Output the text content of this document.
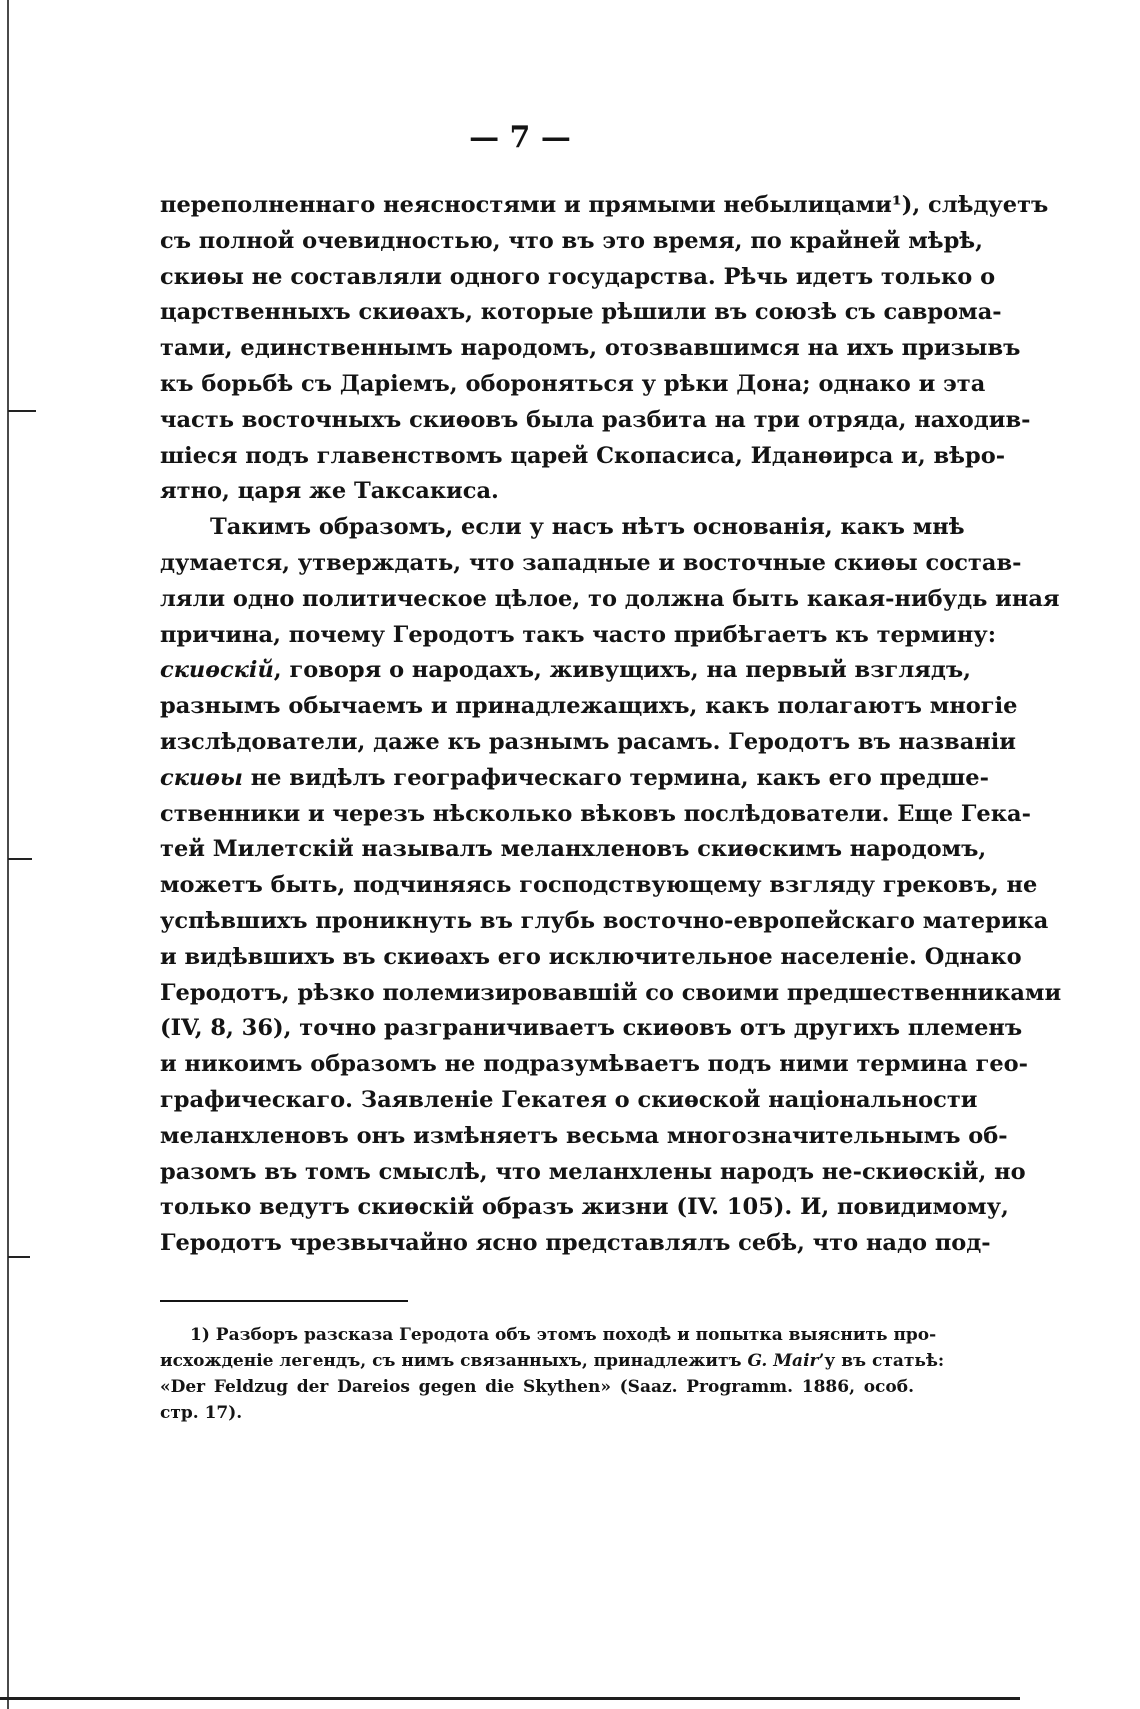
— 7 —

переполненнаго неясностями и прямыми небылицами¹), слѣдуетъ

съ полной очевидностью, что въ это время, по крайней мѣрѣ,

скиѳы не составляли одного государства. Рѣчь идетъ только о

царственныхъ скиѳахъ, которые рѣшили въ союзѣ съ савромa-

тами, единственнымъ народомъ, отозвавшимся на ихъ призывъ

къ борьбѣ съ Даріемъ, обороняться у рѣки Дона; однако и эта

часть восточныхъ скиѳовъ была разбита на три отряда, находив-

шіеся подъ главенствомъ царей Скопасиса, Иданѳирса и, вѣро-

ятно, царя же Таксакиса.

Такимъ образомъ, если у насъ нѣтъ основанія, какъ мнѣ

думается, утверждать, что западные и восточные скиѳы состав-

ляли одно политическое цѣлое, то должна быть какая-нибудь иная

причина, почему Геродотъ такъ часто прибѣгаетъ къ термину:

скиѳскій, говоря о народахъ, живущихъ, на первый взглядъ,

разнымъ обычаемъ и принадлежащихъ, какъ полагаютъ многіе

изслѣдователи, даже къ разнымъ расамъ. Геродотъ въ названіи

скиѳы не видѣлъ географическаго термина, какъ его предше-

ственники и черезъ нѣсколько вѣковъ послѣдователи. Еще Гека-

тей Милетскій называлъ меланхленовъ скиѳскимъ народомъ,

можетъ быть, подчиняясь господствующему взгляду грековъ, не

успѣвшихъ проникнуть въ глубь восточно-европейскаго материка

и видѣвшихъ въ скиѳахъ его исключительное населеніе. Однако

Геродотъ, рѣзко полемизировавшій со своими предшественниками

(IV, 8, 36), точно разграничиваетъ скиѳовъ отъ другихъ племенъ

и никоимъ образомъ не подразумѣваетъ подъ ними термина гео-

графическаго. Заявленіе Гекатея о скиѳской національности

меланхленовъ онъ измѣняетъ весьма многозначительнымъ об-

разомъ въ томъ смыслѣ, что меланхлены народъ не-скиѳскій, но

только ведутъ скиѳскій образъ жизни (IV. 105). И, повидимому,

Геродотъ чрезвычайно ясно представлялъ себѣ, что надо под-

1) Разборъ разсказа Геродота объ этомъ походѣ и попытка выяснить про-

исхожденіе легендъ, съ нимъ связанныхъ, принадлежитъ G. Mair’у въ статьѣ:

«Der Feldzug der Dareios gegen die Skythen» (Saaz. Programm. 1886, особ.

стр. 17).
